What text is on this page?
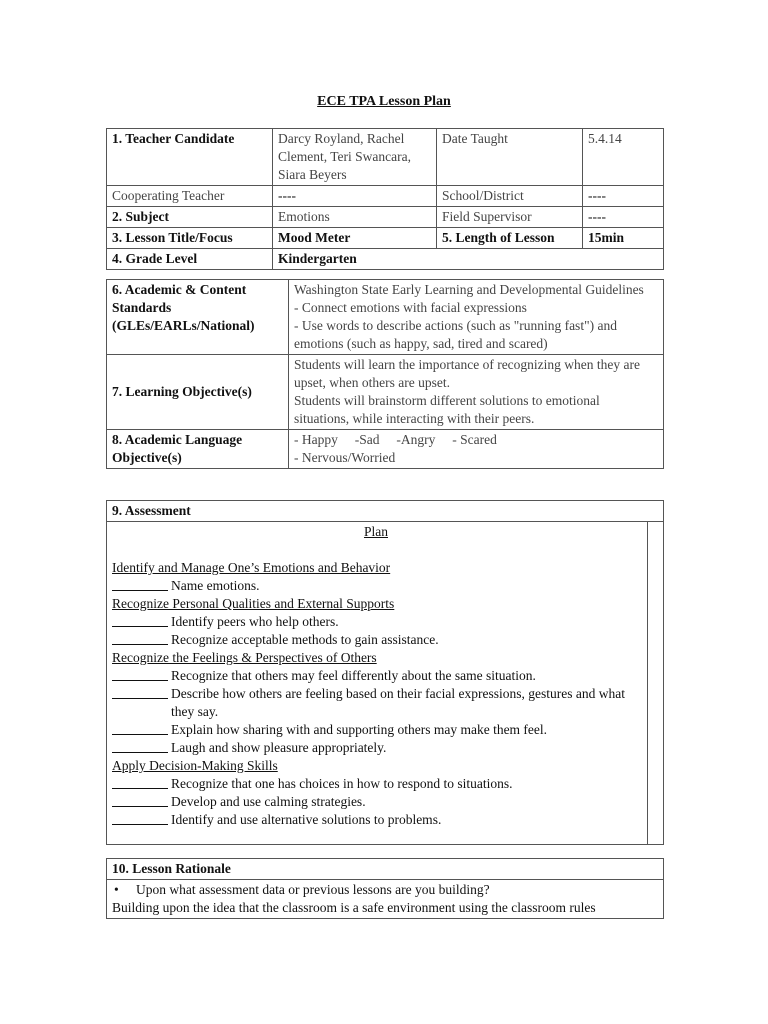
ECE TPA Lesson Plan
1. Teacher Candidate	Darcy Royland, Rachel Clement, Teri Swancara, Siara Beyers	Date Taught	5.4.14
Cooperating Teacher	----	School/District	----
2. Subject	Emotions	Field Supervisor	----
3. Lesson Title/Focus	Mood Meter	5. Length of Lesson	15min
4. Grade Level	Kindergarten		
6. Academic & Content Standards (GLEs/EARLs/National)	Washington State Early Learning and Developmental Guidelines
- Connect emotions with facial expressions
- Use words to describe actions (such as "running fast") and emotions (such as happy, sad, tired and scared)

7. Learning Objective(s)	Students will learn the importance of recognizing when they are upset, when others are upset.
Students will brainstorm different solutions to emotional situations, while interacting with their peers.

8. Academic Language Objective(s)	- Happy     -Sad     -Angry     - Scared
- Nervous/Worried
9. Assessment

Plan
Identify and Manage One’s Emotions and Behavior
Name emotions.
Recognize Personal Qualities and External Supports
Identify peers who help others.
Recognize acceptable methods to gain assistance.
Recognize the Feelings & Perspectives of Others
Recognize that others may feel differently about the same situation.
Describe how others are feeling based on their facial expressions, gestures and what  they say.
Explain how sharing with and supporting others may make them feel.
Laugh and show pleasure appropriately.
Apply Decision-Making Skills
Recognize that one has choices in how to respond to situations.
Develop and use calming strategies.
Identify and use alternative solutions to problems.
10. Lesson Rationale

•	Upon what assessment data or previous lessons are you building?
Building upon the idea that the classroom is a safe environment using the classroom rules
